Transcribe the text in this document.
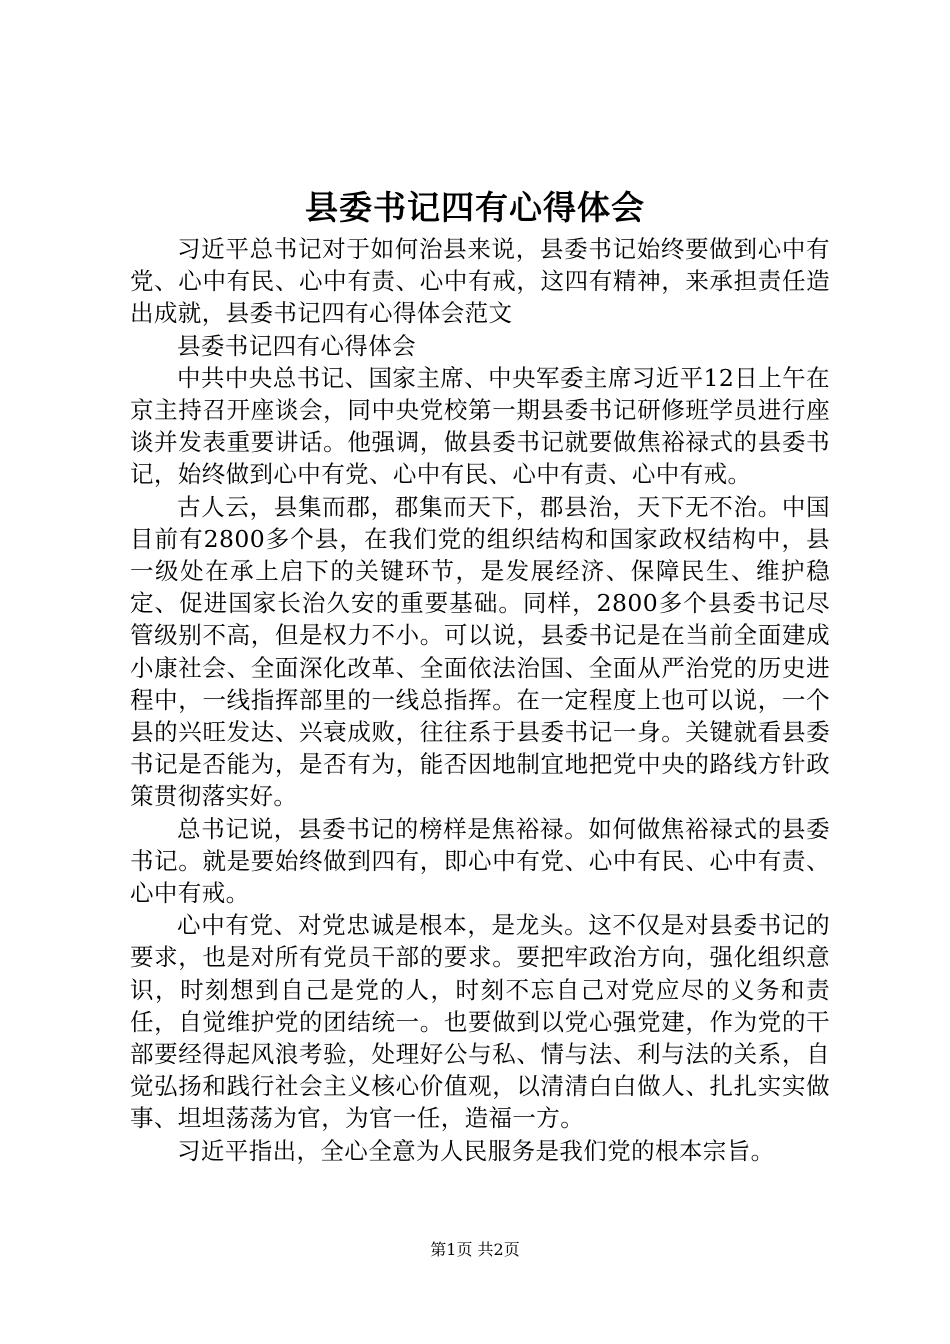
县委书记四有心得体会

习近平总书记对于如何治县来说，县委书记始终要做到心中有党、心中有民、心中有责、心中有戒，这四有精神，来承担责任造出成就，县委书记四有心得体会范文

县委书记四有心得体会

中共中央总书记、国家主席、中央军委主席习近平12日上午在京主持召开座谈会，同中央党校第一期县委书记研修班学员进行座谈并发表重要讲话。他强调，做县委书记就要做焦裕禄式的县委书记，始终做到心中有党、心中有民、心中有责、心中有戒。

古人云，县集而郡，郡集而天下，郡县治，天下无不治。中国目前有2800多个县，在我们党的组织结构和国家政权结构中，县一级处在承上启下的关键环节，是发展经济、保障民生、维护稳定、促进国家长治久安的重要基础。同样，2800多个县委书记尽管级别不高，但是权力不小。可以说，县委书记是在当前全面建成小康社会、全面深化改革、全面依法治国、全面从严治党的历史进程中，一线指挥部里的一线总指挥。在一定程度上也可以说，一个县的兴旺发达、兴衰成败，往往系于县委书记一身。关键就看县委书记是否能为，是否有为，能否因地制宜地把党中央的路线方针政策贯彻落实好。

总书记说，县委书记的榜样是焦裕禄。如何做焦裕禄式的县委书记。就是要始终做到四有，即心中有党、心中有民、心中有责、心中有戒。

心中有党、对党忠诚是根本，是龙头。这不仅是对县委书记的要求，也是对所有党员干部的要求。要把牢政治方向，强化组织意识，时刻想到自己是党的人，时刻不忘自己对党应尽的义务和责任，自觉维护党的团结统一。也要做到以党心强党建，作为党的干部要经得起风浪考验，处理好公与私、情与法、利与法的关系，自觉弘扬和践行社会主义核心价值观，以清清白白做人、扎扎实实做事、坦坦荡荡为官，为官一任，造福一方。

习近平指出，全心全意为人民服务是我们党的根本宗旨。

第1页 共2页
